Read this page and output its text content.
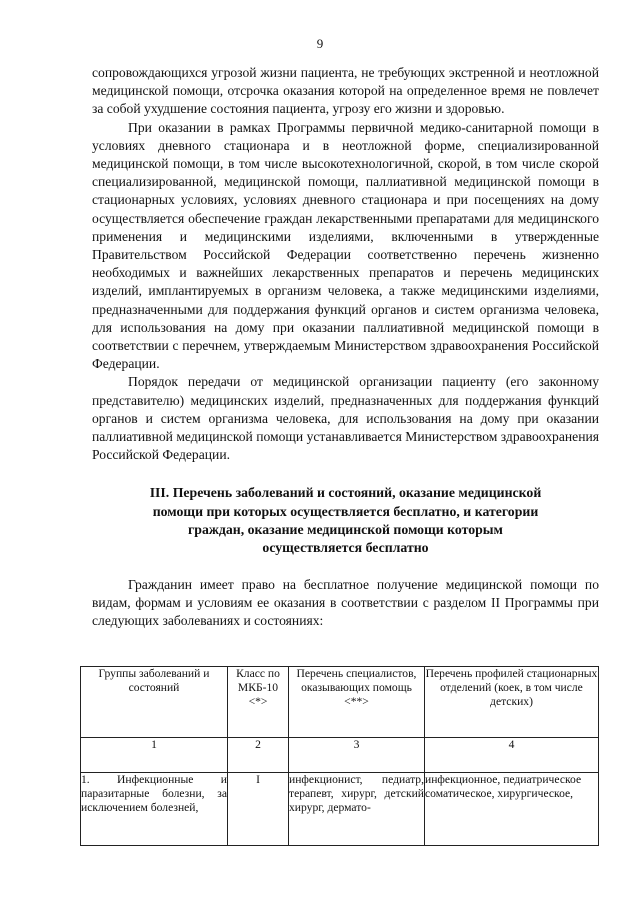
9

сопровождающихся угрозой жизни пациента, не требующих экстренной и неотложной медицинской помощи, отсрочка оказания которой на определенное время не повлечет за собой ухудшение состояния пациента, угрозу его жизни и здоровью.

При оказании в рамках Программы первичной медико-санитарной помощи в условиях дневного стационара и в неотложной форме, специализированной медицинской помощи, в том числе высокотехнологичной, скорой, в том числе скорой специализированной, медицинской помощи, паллиативной медицинской помощи в стационарных условиях, условиях дневного стационара и при посещениях на дому осуществляется обеспечение граждан лекарственными препаратами для медицинского применения и медицинскими изделиями, включенными в утвержденные Правительством Российской Федерации соответственно перечень жизненно необходимых и важнейших лекарственных препаратов и перечень медицинских изделий, имплантируемых в организм человека, а также медицинскими изделиями, предназначенными для поддержания функций органов и систем организма человека, для использования на дому при оказании паллиативной медицинской помощи в соответствии с перечнем, утверждаемым Министерством здравоохранения Российской Федерации.

Порядок передачи от медицинской организации пациенту (его законному представителю) медицинских изделий, предназначенных для поддержания функций органов и систем организма человека, для использования на дому при оказании паллиативной медицинской помощи устанавливается Министерством здравоохранения Российской Федерации.

III. Перечень заболеваний и состояний, оказание медицинской
помощи при которых осуществляется бесплатно, и категории
граждан, оказание медицинской помощи которым
осуществляется бесплатно

Гражданин имеет право на бесплатное получение медицинской помощи по видам, формам и условиям ее оказания в соответствии с разделом II Программы при следующих заболеваниях и состояниях:

Группы заболеваний и состояний	Класс по МКБ-10 <*>	Перечень специалистов, оказывающих помощь <**>	Перечень профилей стационарных отделений (коек, в том числе детских)
1	2	3	4
1. Инфекционные и паразитарные болезни, за исключением болезней,	I	инфекционист, педиатр, терапевт, хирург, детский хирург, дермато-	инфекционное, педиатрическое соматическое, хирургическое,
